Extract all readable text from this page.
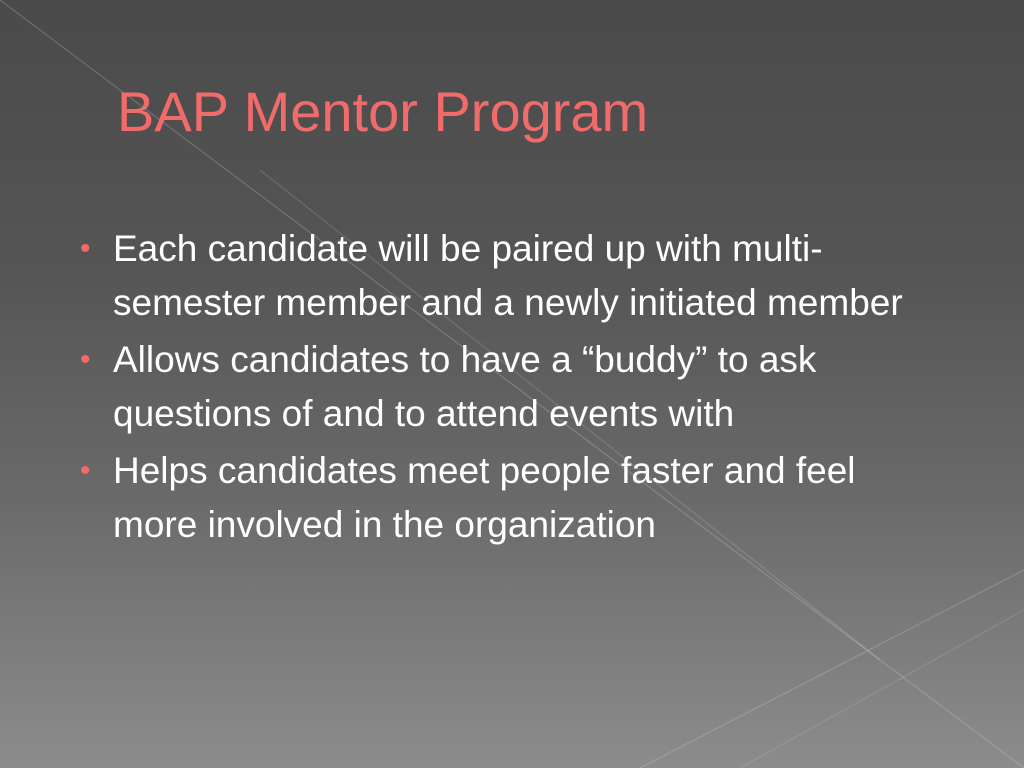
BAP Mentor Program
• Each candidate will be paired up with multi-semester member and a newly initiated member
• Allows candidates to have a “buddy” to ask questions of and to attend events with
• Helps candidates meet people faster and feel more involved in the organization
